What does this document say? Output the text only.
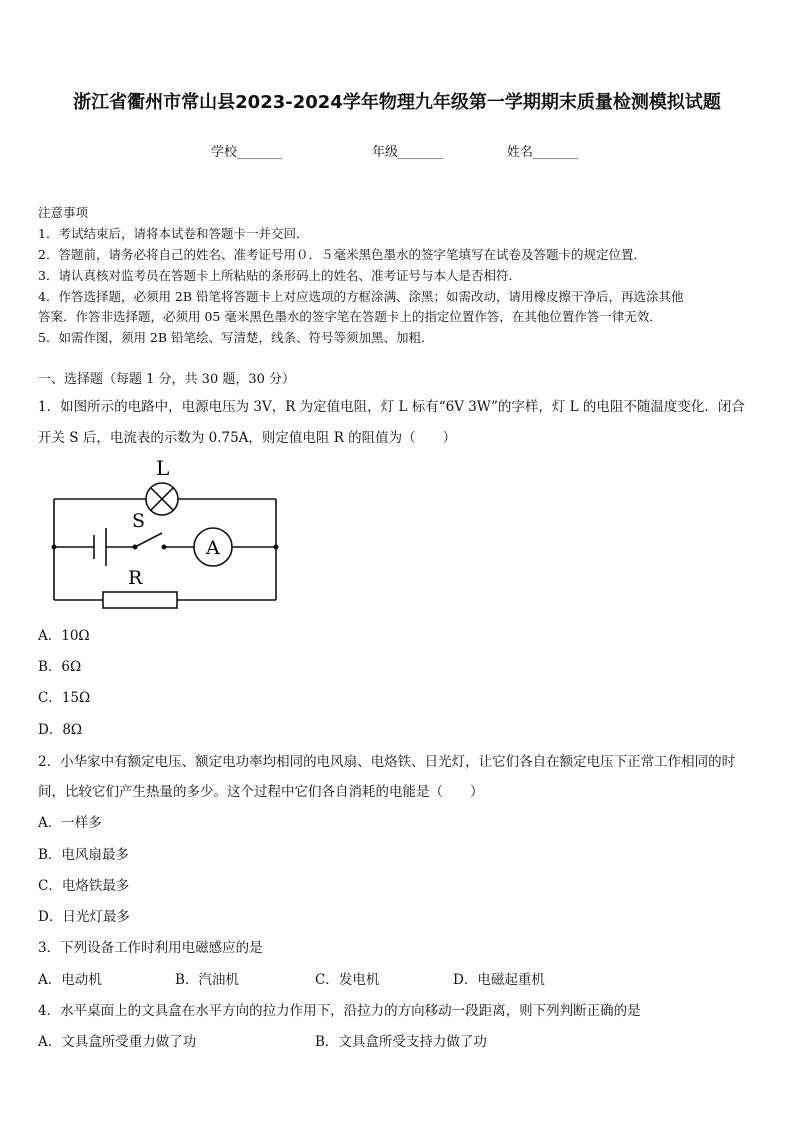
浙江省衢州市常山县2023-2024学年物理九年级第一学期期末质量检测模拟试题
学校_______	年级_______	姓名_______
注意事项
1．考试结束后，请将本试卷和答题卡一并交回．
2．答题前，请务必将自己的姓名、准考证号用０．５毫米黑色墨水的签字笔填写在试卷及答题卡的规定位置．
3．请认真核对监考员在答题卡上所粘贴的条形码上的姓名、准考证号与本人是否相符．
4．作答选择题，必须用 2B 铅笔将答题卡上对应选项的方框涂满、涂黑；如需改动，请用橡皮擦干净后，再选涂其他
答案．作答非选择题，必须用 05 毫米黑色墨水的签字笔在答题卡上的指定位置作答，在其他位置作答一律无效．
5．如需作图，须用 2B 铅笔绘、写清楚，线条、符号等须加黑、加粗．
一、选择题（每题 1 分，共 30 题，30 分）
1．如图所示的电路中，电源电压为 3V，R 为定值电阻，灯 L 标有“6V 3W”的字样，灯 L 的电阻不随温度变化．闭合
开关 S 后，电流表的示数为 0.75A，则定值电阻 R 的阻值为（　　）
L
S
A
R
A．10Ω
B．6Ω
C．15Ω
D．8Ω
2．小华家中有额定电压、额定电功率均相同的电风扇、电烙铁、日光灯，让它们各自在额定电压下正常工作相同的时
间，比较它们产生热量的多少。这个过程中它们各自消耗的电能是（　　）
A．一样多
B．电风扇最多
C．电烙铁最多
D．日光灯最多
3．下列设备工作时利用电磁感应的是
A．电动机	B．汽油机	C．发电机	D．电磁起重机
4．水平桌面上的文具盒在水平方向的拉力作用下，沿拉力的方向移动一段距离，则下列判断正确的是
A．文具盒所受重力做了功	B．文具盒所受支持力做了功
